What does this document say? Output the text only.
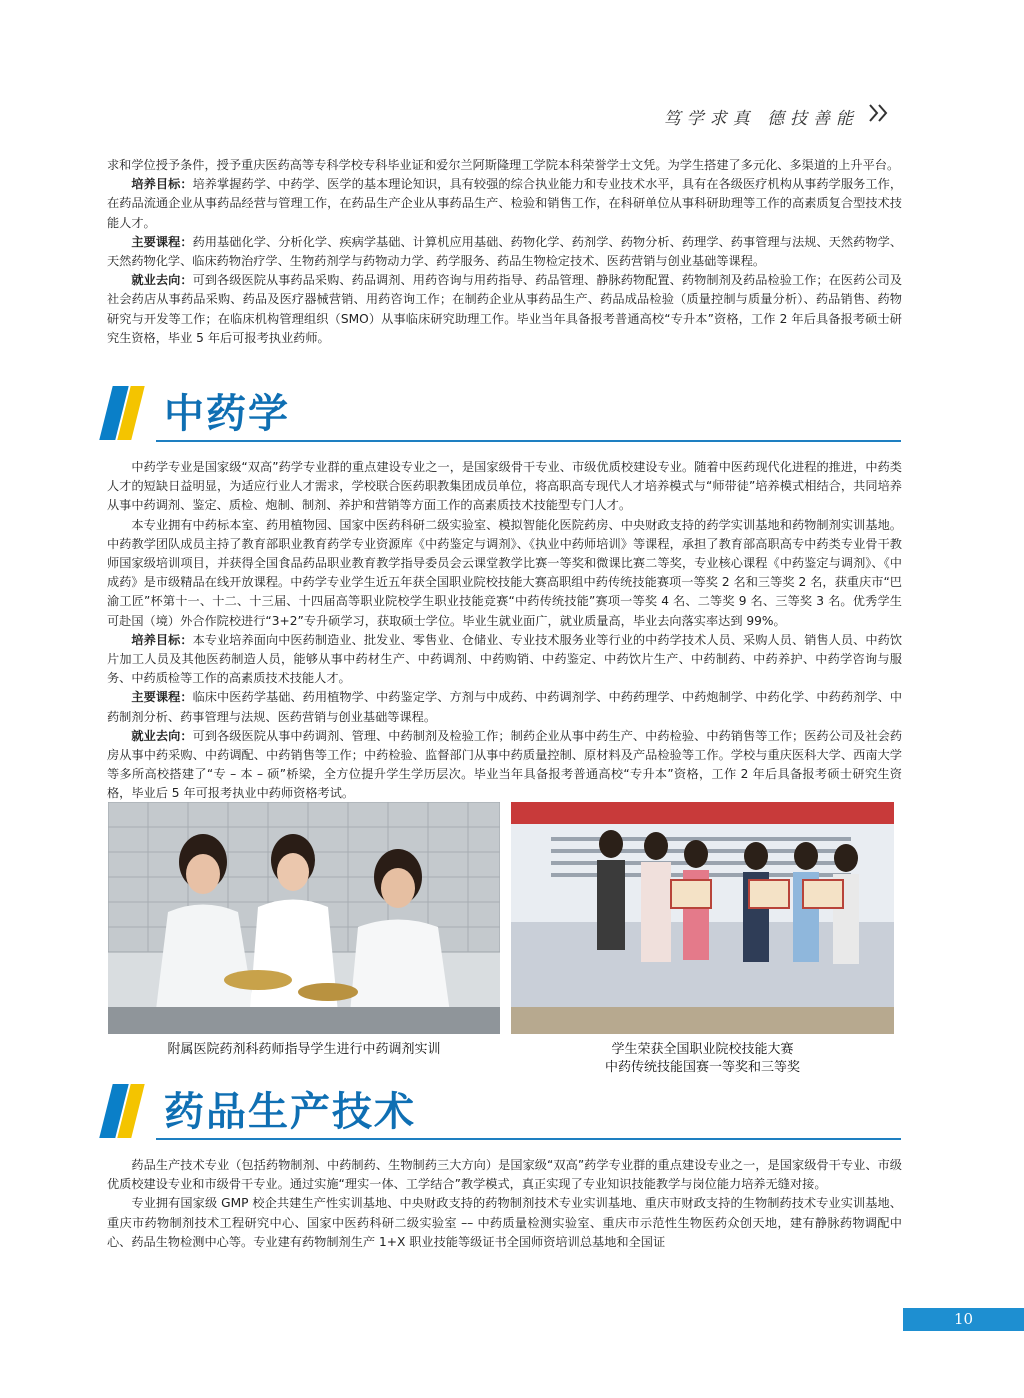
笃学求真 德技善能

求和学位授予条件，授予重庆医药高等专科学校专科毕业证和爱尔兰阿斯隆理工学院本科荣誉学士文凭。为学生搭建了多元化、多渠道的上升平台。

培养目标：培养掌握药学、中药学、医学的基本理论知识，具有较强的综合执业能力和专业技术水平，具有在各级医疗机构从事药学服务工作，在药品流通企业从事药品经营与管理工作，在药品生产企业从事药品生产、检验和销售工作，在科研单位从事科研助理等工作的高素质复合型技术技能人才。

主要课程：药用基础化学、分析化学、疾病学基础、计算机应用基础、药物化学、药剂学、药物分析、药理学、药事管理与法规、天然药物学、天然药物化学、临床药物治疗学、生物药剂学与药物动力学、药学服务、药品生物检定技术、医药营销与创业基础等课程。

就业去向：可到各级医院从事药品采购、药品调剂、用药咨询与用药指导、药品管理、静脉药物配置、药物制剂及药品检验工作；在医药公司及社会药店从事药品采购、药品及医疗器械营销、用药咨询工作；在制药企业从事药品生产、药品成品检验（质量控制与质量分析）、药品销售、药物研究与开发等工作；在临床机构管理组织（SMO）从事临床研究助理工作。毕业当年具备报考普通高校“专升本”资格，工作 2 年后具备报考硕士研究生资格，毕业 5 年后可报考执业药师。

中药学

中药学专业是国家级“双高”药学专业群的重点建设专业之一，是国家级骨干专业、市级优质校建设专业。随着中医药现代化进程的推进，中药类人才的短缺日益明显，为适应行业人才需求，学校联合医药职教集团成员单位，将高职高专现代人才培养模式与“师带徒”培养模式相结合，共同培养从事中药调剂、鉴定、质检、炮制、制剂、养护和营销等方面工作的高素质技术技能型专门人才。

本专业拥有中药标本室、药用植物园、国家中医药科研二级实验室、模拟智能化医院药房、中央财政支持的药学实训基地和药物制剂实训基地。中药教学团队成员主持了教育部职业教育药学专业资源库《中药鉴定与调剂》、《执业中药师培训》等课程，承担了教育部高职高专中药类专业骨干教师国家级培训项目，并获得全国食品药品职业教育教学指导委员会云课堂教学比赛一等奖和微课比赛二等奖，专业核心课程《中药鉴定与调剂》、《中成药》是市级精品在线开放课程。中药学专业学生近五年获全国职业院校技能大赛高职组中药传统技能赛项一等奖 2 名和三等奖 2 名，获重庆市“巴渝工匠”杯第十一、十二、十三届、十四届高等职业院校学生职业技能竞赛“中药传统技能”赛项一等奖 4 名、二等奖 9 名、三等奖 3 名。优秀学生可赴国（境）外合作院校进行“3+2”专升硕学习，获取硕士学位。毕业生就业面广，就业质量高，毕业去向落实率达到 99%。

培养目标：本专业培养面向中医药制造业、批发业、零售业、仓储业、专业技术服务业等行业的中药学技术人员、采购人员、销售人员、中药饮片加工人员及其他医药制造人员，能够从事中药材生产、中药调剂、中药购销、中药鉴定、中药饮片生产、中药制药、中药养护、中药学咨询与服务、中药质检等工作的高素质技术技能人才。

主要课程：临床中医药学基础、药用植物学、中药鉴定学、方剂与中成药、中药调剂学、中药药理学、中药炮制学、中药化学、中药药剂学、中药制剂分析、药事管理与法规、医药营销与创业基础等课程。

就业去向：可到各级医院从事中药调剂、管理、中药制剂及检验工作；制药企业从事中药生产、中药检验、中药销售等工作；医药公司及社会药房从事中药采购、中药调配、中药销售等工作；中药检验、监督部门从事中药质量控制、原材料及产品检验等工作。学校与重庆医科大学、西南大学等多所高校搭建了“专 – 本 – 硕”桥梁，全方位提升学生学历层次。毕业当年具备报考普通高校“专升本”资格，工作 2 年后具备报考硕士研究生资格，毕业后 5 年可报考执业中药师资格考试。

附属医院药剂科药师指导学生进行中药调剂实训	学生荣获全国职业院校技能大赛
中药传统技能国赛一等奖和三等奖
药品生产技术

药品生产技术专业（包括药物制剂、中药制药、生物制药三大方向）是国家级“双高”药学专业群的重点建设专业之一，是国家级骨干专业、市级优质校建设专业和市级骨干专业。通过实施“理实一体、工学结合”教学模式，真正实现了专业知识技能教学与岗位能力培养无缝对接。

专业拥有国家级 GMP 校企共建生产性实训基地、中央财政支持的药物制剂技术专业实训基地、重庆市财政支持的生物制药技术专业实训基地、重庆市药物制剂技术工程研究中心、国家中医药科研二级实验室 –– 中药质量检测实验室、重庆市示范性生物医药众创天地，建有静脉药物调配中心、药品生物检测中心等。专业建有药物制剂生产 1+X 职业技能等级证书全国师资培训总基地和全国证

10
